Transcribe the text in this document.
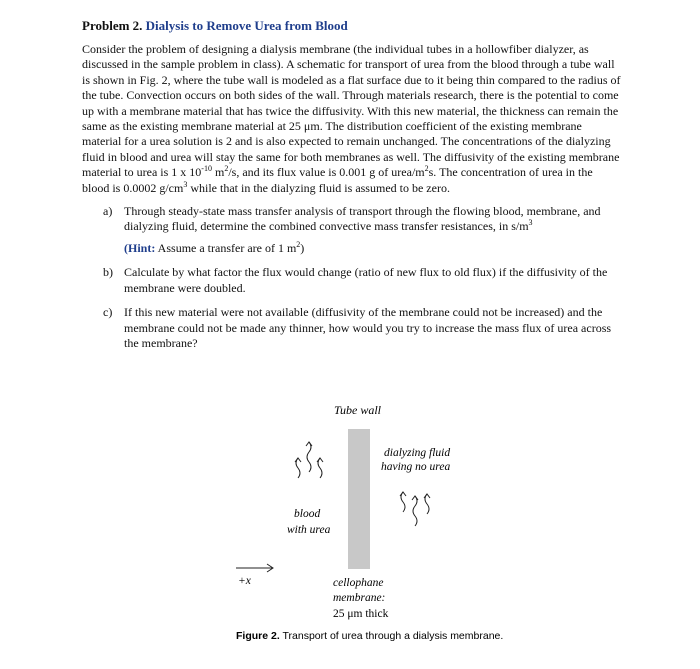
Problem 2. Dialysis to Remove Urea from Blood

Consider the problem of designing a dialysis membrane (the individual tubes in a hollowfiber dialyzer, as discussed in the sample problem in class). A schematic for transport of urea from the blood through a tube wall is shown in Fig. 2, where the tube wall is modeled as a flat surface due to it being thin compared to the radius of the tube. Convection occurs on both sides of the wall. Through materials research, there is the potential to come up with a membrane material that has twice the diffusivity. With this new material, the thickness can remain the same as the existing membrane material at 25 μm. The distribution coefficient of the existing membrane material for a urea solution is 2 and is also expected to remain unchanged. The concentrations of the dialyzing fluid in blood and urea will stay the same for both membranes as well. The diffusivity of the existing membrane material to urea is 1 x $10^{-10}$ $m^2/s$, and its flux value is 0.001 g of urea/$m^2s$. The concentration of urea in the blood is 0.0002 $g/cm^3$ while that in the dialyzing fluid is assumed to be zero.

a) Through steady-state mass transfer analysis of transport through the flowing blood, membrane, and dialyzing fluid, determine the combined convective mass transfer resistances, in $s/m^3$
(Hint: Assume a transfer are of 1 $m^2$)
b) Calculate by what factor the flux would change (ratio of new flux to old flux) if the diffusivity of the membrane were doubled.
c) If this new material were not available (diffusivity of the membrane could not be increased) and the membrane could not be made any thinner, how would you try to increase the mass flux of urea across the membrane?
Tube wall
dialyzing fluid
having no urea
blood
with urea
+x	cellophane
membrane:
25 μm thick
Figure 2. Transport of urea through a dialysis membrane.
